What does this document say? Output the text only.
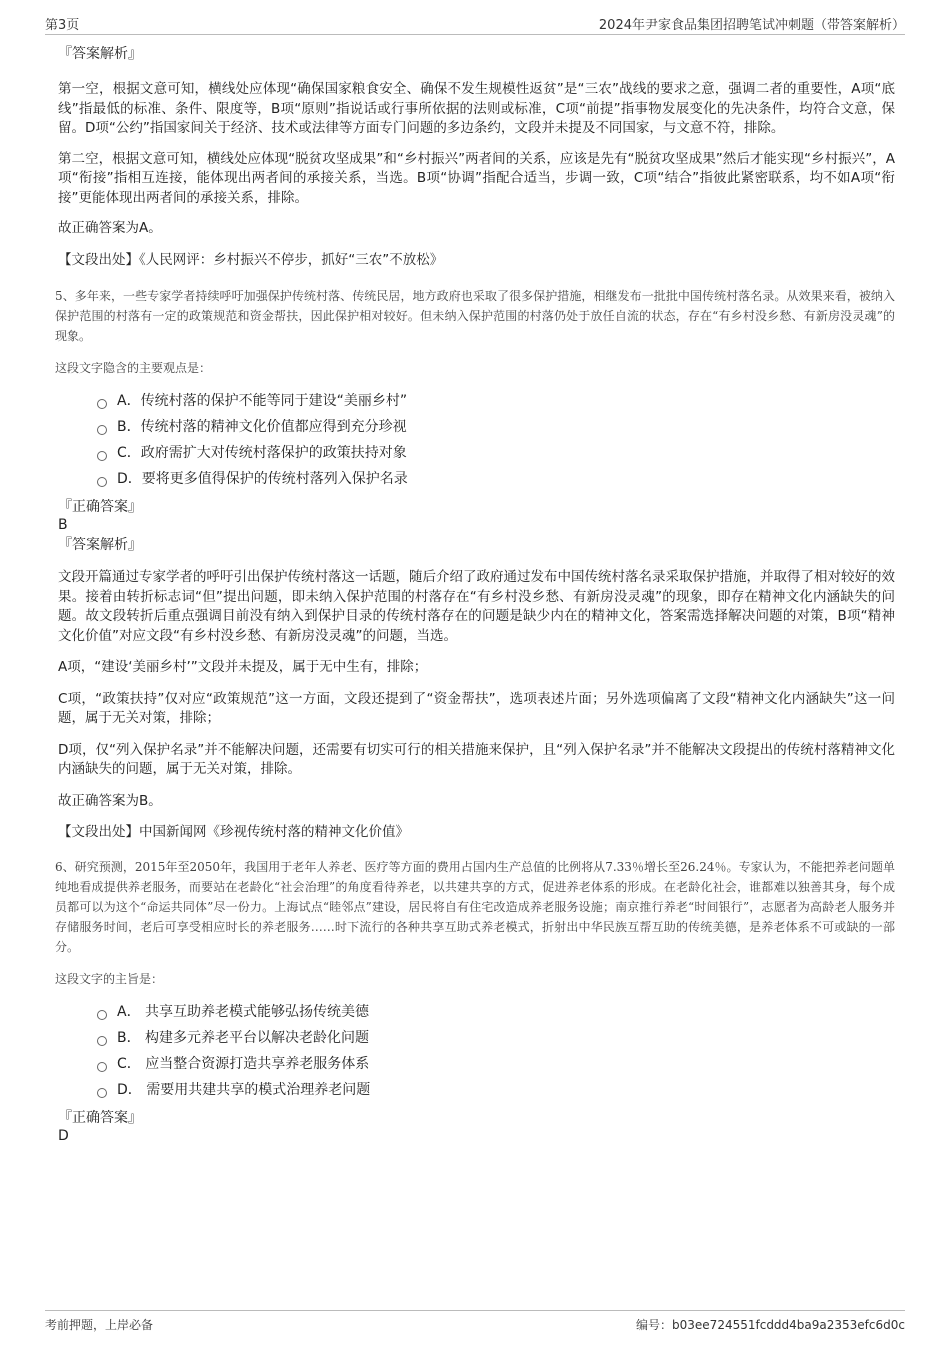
第3页	2024年尹家食品集团招聘笔试冲刺题（带答案解析）

『答案解析』

第一空，根据文意可知，横线处应体现“确保国家粮食安全、确保不发生规模性返贫”是“三农”战线的要求之意，强调二者的重要性，A项“底线”指最低的标准、条件、限度等，B项“原则”指说话或行事所依据的法则或标准，C项“前提”指事物发展变化的先决条件，均符合文意，保留。D项“公约”指国家间关于经济、技术或法律等方面专门问题的多边条约，文段并未提及不同国家，与文意不符，排除。

第二空，根据文意可知，横线处应体现“脱贫攻坚成果”和“乡村振兴”两者间的关系，应该是先有“脱贫攻坚成果”然后才能实现“乡村振兴”，A项“衔接”指相互连接，能体现出两者间的承接关系，当选。B项“协调”指配合适当，步调一致，C项“结合”指彼此紧密联系，均不如A项“衔接”更能体现出两者间的承接关系，排除。

故正确答案为A。

【文段出处】《人民网评：乡村振兴不停步，抓好“三农”不放松》

5、多年来，一些专家学者持续呼吁加强保护传统村落、传统民居，地方政府也采取了很多保护措施，相继发布一批批中国传统村落名录。从效果来看，被纳入保护范围的村落有一定的政策规范和资金帮扶，因此保护相对较好。但未纳入保护范围的村落仍处于放任自流的状态，存在“有乡村没乡愁、有新房没灵魂”的现象。

这段文字隐含的主要观点是：

A．传统村落的保护不能等同于建设“美丽乡村”
B．传统村落的精神文化价值都应得到充分珍视
C．政府需扩大对传统村落保护的政策扶持对象
D．要将更多值得保护的传统村落列入保护名录

『正确答案』

B

『答案解析』

文段开篇通过专家学者的呼吁引出保护传统村落这一话题，随后介绍了政府通过发布中国传统村落名录采取保护措施，并取得了相对较好的效果。接着由转折标志词“但”提出问题，即未纳入保护范围的村落存在“有乡村没乡愁、有新房没灵魂”的现象，即存在精神文化内涵缺失的问题。故文段转折后重点强调目前没有纳入到保护目录的传统村落存在的问题是缺少内在的精神文化，答案需选择解决问题的对策，B项“精神文化价值”对应文段“有乡村没乡愁、有新房没灵魂”的问题，当选。

A项，“建设‘美丽乡村’”文段并未提及，属于无中生有，排除；

C项，“政策扶持”仅对应“政策规范”这一方面，文段还提到了“资金帮扶”，选项表述片面；另外选项偏离了文段“精神文化内涵缺失”这一问题，属于无关对策，排除；

D项，仅“列入保护名录”并不能解决问题，还需要有切实可行的相关措施来保护，且“列入保护名录”并不能解决文段提出的传统村落精神文化内涵缺失的问题，属于无关对策，排除。

故正确答案为B。

【文段出处】中国新闻网《珍视传统村落的精神文化价值》

6、研究预测，2015年至2050年，我国用于老年人养老、医疗等方面的费用占国内生产总值的比例将从7.33％增长至26.24％。专家认为，不能把养老问题单纯地看成提供养老服务，而要站在老龄化“社会治理”的角度看待养老，以共建共享的方式，促进养老体系的形成。在老龄化社会，谁都难以独善其身，每个成员都可以为这个“命运共同体”尽一份力。上海试点“睦邻点”建设，居民将自有住宅改造成养老服务设施；南京推行养老“时间银行”，志愿者为高龄老人服务并存储服务时间，老后可享受相应时长的养老服务……时下流行的各种共享互助式养老模式，折射出中华民族互帮互助的传统美德，是养老体系不可或缺的一部分。

这段文字的主旨是：

A． 共享互助养老模式能够弘扬传统美德
B． 构建多元养老平台以解决老龄化问题
C． 应当整合资源打造共享养老服务体系
D． 需要用共建共享的模式治理养老问题

『正确答案』

D

考前押题，上岸必备	编号：b03ee724551fcddd4ba9a2353efc6d0c
